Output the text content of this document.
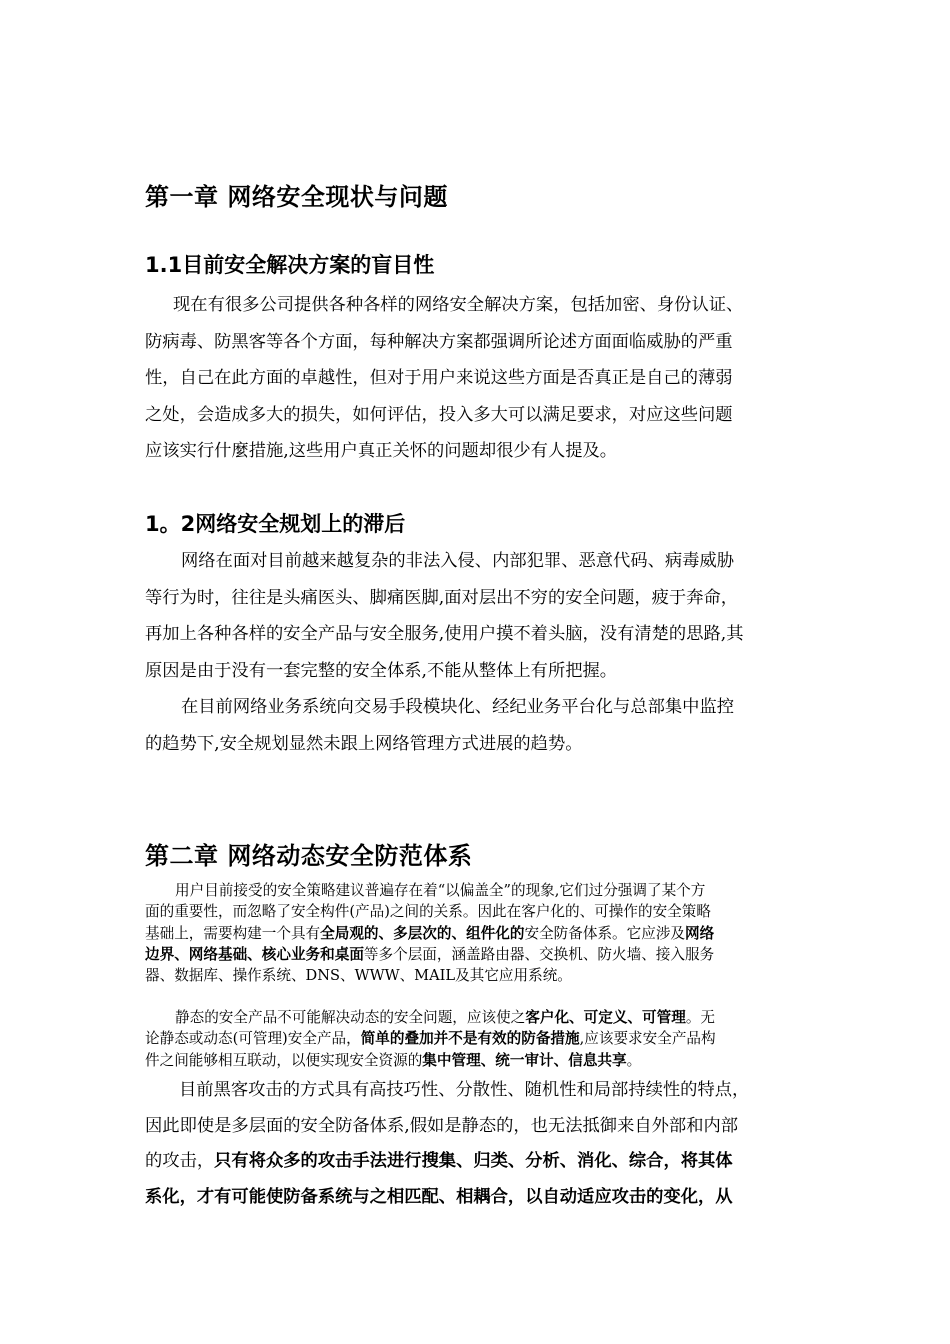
第一章 网络安全现状与问题
1.1目前安全解决方案的盲目性
现在有很多公司提供各种各样的网络安全解决方案，包括加密、身份认证、
防病毒、防黑客等各个方面，每种解决方案都强调所论述方面面临威胁的严重
性，自己在此方面的卓越性，但对于用户来说这些方面是否真正是自己的薄弱
之处，会造成多大的损失，如何评估，投入多大可以满足要求，对应这些问题
应该实行什麼措施,这些用户真正关怀的问题却很少有人提及。
1。2网络安全规划上的滞后
网络在面对目前越来越复杂的非法入侵、内部犯罪、恶意代码、病毒威胁
等行为时，往往是头痛医头、脚痛医脚,面对层出不穷的安全问题，疲于奔命，
再加上各种各样的安全产品与安全服务,使用户摸不着头脑，没有清楚的思路,其
原因是由于没有一套完整的安全体系,不能从整体上有所把握。
在目前网络业务系统向交易手段模块化、经纪业务平台化与总部集中监控
的趋势下,安全规划显然未跟上网络管理方式进展的趋势。
第二章 网络动态安全防范体系
用户目前接受的安全策略建议普遍存在着“以偏盖全”的现象,它们过分强调了某个方
面的重要性，而忽略了安全构件(产品)之间的关系。因此在客户化的、可操作的安全策略
基础上，需要构建一个具有全局观的、多层次的、组件化的安全防备体系。它应涉及网络
边界、网络基础、核心业务和桌面等多个层面，涵盖路由器、交换机、防火墙、接入服务
器、数据库、操作系统、DNS、WWW、MAIL及其它应用系统。
静态的安全产品不可能解决动态的安全问题，应该使之客户化、可定义、可管理。无
论静态或动态(可管理)安全产品，简单的叠加并不是有效的防备措施,应该要求安全产品构
件之间能够相互联动，以便实现安全资源的集中管理、统一审计、信息共享。
目前黑客攻击的方式具有高技巧性、分散性、随机性和局部持续性的特点，
因此即使是多层面的安全防备体系,假如是静态的，也无法抵御来自外部和内部
的攻击，只有将众多的攻击手法进行搜集、归类、分析、消化、综合，将其体
系化，才有可能使防备系统与之相匹配、相耦合，以自动适应攻击的变化，从
